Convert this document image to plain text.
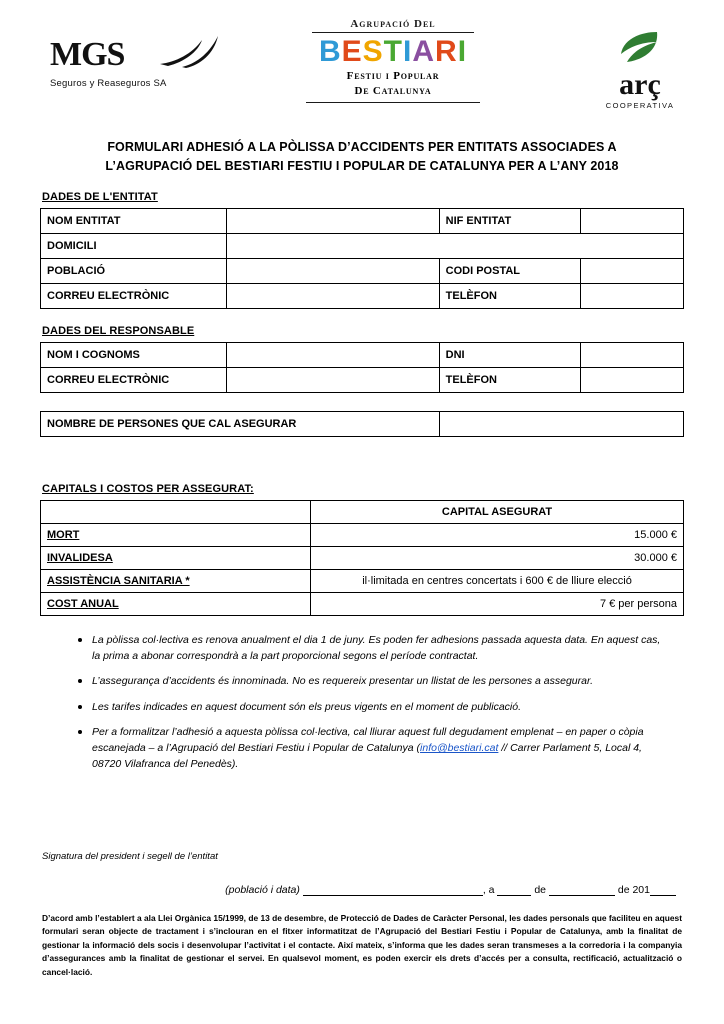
MGS
Seguros y Reaseguros SA
Agrupació Del
BESTIARI
Festiu i Popular
De Catalunya	arç
COOPERATIVA
FORMULARI ADHESIÓ A LA PÒLISSA D’ACCIDENTS PER ENTITATS ASSOCIADES A
L’AGRUPACIÓ DEL BESTIARI FESTIU I POPULAR DE CATALUNYA PER A L’ANY 2018
DADES DE L'ENTITAT
NOM ENTITAT		NIF ENTITAT	
DOMICILI			
POBLACIÓ		CODI POSTAL	
CORREU ELECTRÒNIC		TELÈFON	
DADES DEL RESPONSABLE
NOM I COGNOMS		DNI	
CORREU ELECTRÒNIC		TELÈFON	
NOMBRE DE PERSONES QUE CAL ASEGURAR	
CAPITALS I COSTOS PER ASSEGURAT:
	CAPITAL ASEGURAT
MORT	15.000 €
INVALIDESA	30.000 €
ASSISTÈNCIA SANITARIA *	il·limitada en centres concertats i 600 € de lliure elecció
COST ANUAL	7 € per persona
La pòlissa col·lectiva es renova anualment el dia 1 de juny. Es poden fer adhesions passada aquesta data. En aquest cas, la prima a abonar correspondrà a la part proporcional segons el període contractat.
L’assegurança d’accidents és innominada. No es requereix presentar un llistat de les persones a assegurar.
Les tarifes indicades en aquest document són els preus vigents en el moment de publicació.
Per a formalitzar l’adhesió a aquesta pòlissa col·lectiva, cal lliurar aquest full degudament emplenat – en paper o còpia escanejada – a l’Agrupació del Bestiari Festiu i Popular de Catalunya (info@bestiari.cat // Carrer Parlament 5, Local 4, 08720 Vilafranca del Penedès).
Signatura del president i segell de l’entitat
(població i data)	, a	de	de 201
D’acord amb l’establert a ala Llei Orgànica 15/1999, de 13 de desembre, de Protecció de Dades de Caràcter Personal, les dades personals que faciliteu en aquest formulari seran objecte de tractament i s’inclouran en el fitxer informatitzat de l’Agrupació del Bestiari Festiu i Popular de Catalunya, amb la finalitat de gestionar la informació dels socis i desenvolupar l’activitat i el contacte. Així mateix, s’informa que les dades seran transmeses a la corredoria i la companyia d’assegurances amb la finalitat de gestionar el servei. En qualsevol moment, es poden exercir els drets d’accés per a consulta, rectificació, actualització o cancel·lació.
